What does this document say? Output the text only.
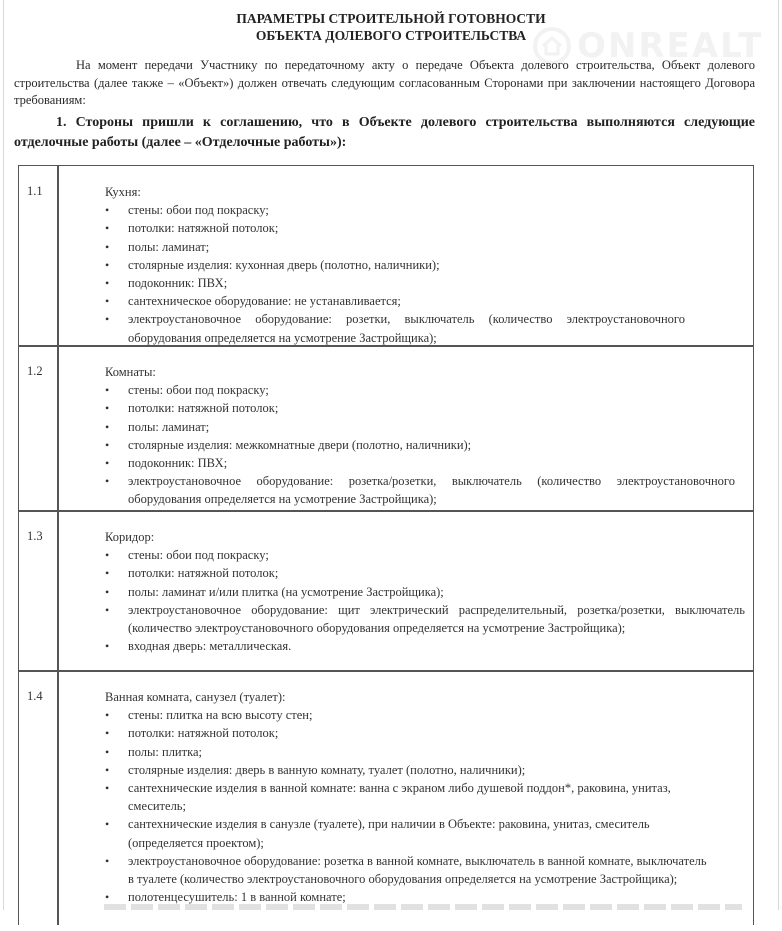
ONREALT
ПАРАМЕТРЫ СТРОИТЕЛЬНОЙ ГОТОВНОСТИ
ОБЪЕКТА ДОЛЕВОГО СТРОИТЕЛЬСТВА
На момент передачи Участнику по передаточному акту о передаче Объекта долевого строительства, Объект долевого строительства (далее также – «Объект») должен отвечать следующим согласованным Сторонами при заключении настоящего Договора требованиям:
1. Стороны пришли к соглашению, что в Объекте долевого строительства выполняются следующие отделочные работы (далее – «Отделочные работы»):
1.1	Кухня:
• стены: обои под покраску;
• потолки: натяжной потолок;
• полы: ламинат;
• столярные изделия: кухонная дверь (полотно, наличники);
• подоконник: ПВХ;
• сантехническое оборудование: не устанавливается;
• электроустановочное оборудование: розетки, выключатель (количество электроустановочного оборудования определяется на усмотрение Застройщика);
1.2	Комнаты:
• стены: обои под покраску;
• потолки: натяжной потолок;
• полы: ламинат;
• столярные изделия: межкомнатные двери (полотно, наличники);
• подоконник: ПВХ;
• электроустановочное оборудование: розетка/розетки, выключатель (количество электроустановочного оборудования определяется на усмотрение Застройщика);
1.3	Коридор:
• стены: обои под покраску;
• потолки: натяжной потолок;
• полы: ламинат и/или плитка (на усмотрение Застройщика);
• электроустановочное оборудование: щит электрический распределительный, розетка/розетки, выключатель (количество электроустановочного оборудования определяется на усмотрение Застройщика);
• входная дверь: металлическая.
1.4	Ванная комната, санузел (туалет):
• стены: плитка на всю высоту стен;
• потолки: натяжной потолок;
• полы: плитка;
• столярные изделия: дверь в ванную комнату, туалет (полотно, наличники);
• сантехнические изделия в ванной комнате: ванна с экраном либо душевой поддон*, раковина, унитаз, смеситель;
• сантехнические изделия в санузле (туалете), при наличии в Объекте: раковина, унитаз, смеситель (определяется проектом);
• электроустановочное оборудование: розетка в ванной комнате, выключатель в ванной комнате, выключатель в туалете (количество электроустановочного оборудования определяется на усмотрение Застройщика);
• полотенцесушитель: 1 в ванной комнате;
